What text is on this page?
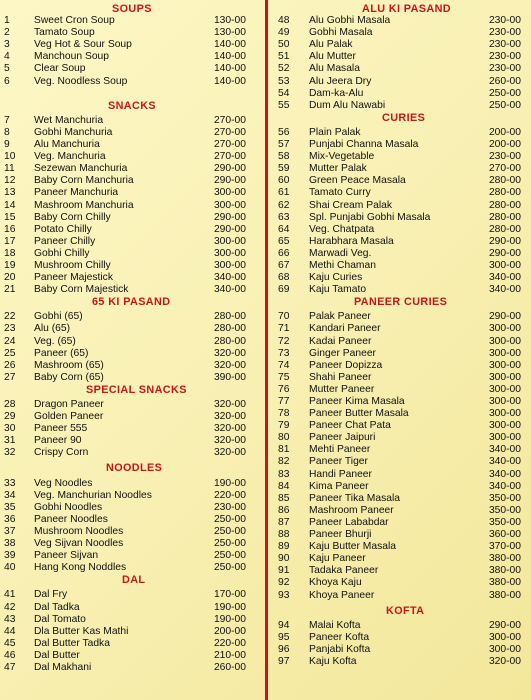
SOUPS
1 Sweet Cron Soup	130-00
2 Tamato Soup	130-00
3 Veg Hot & Sour Soup	140-00
4 Manchoun Soup	140-00
5 Clear Soup	140-00
6 Veg. Noodless Soup	140-00
SNACKS
7 Wet Manchuria	270-00
8 Gobhi Manchuria	270-00
9 Alu Manchuria	270-00
10 Veg. Manchuria	270-00
11 Sezewan Manchuria	290-00
12 Baby Corn Manchuria	290-00
13 Paneer Manchuria	300-00
14 Mashroom Manchuria	300-00
15 Baby Corn Chilly	290-00
16 Potato Chilly	290-00
17 Paneer Chilly	300-00
18 Gobhi Chilly	300-00
19 Mushroom Chilly	300-00
20 Paneer Majestick	340-00
21 Baby Corn Majestick	340-00
65 KI PASAND
22 Gobhi (65)	280-00
23 Alu (65)	280-00
24 Veg. (65)	280-00
25 Paneer (65)	320-00
26 Mashroom (65)	320-00
27 Baby Corn (65)	390-00
SPECIAL SNACKS
28 Dragon Paneer	320-00
29 Golden Paneer	320-00
30 Paneer 555	320-00
31 Paneer 90	320-00
32 Crispy Corn	320-00
NOODLES
33 Veg Noodles	190-00
34 Veg. Manchurian Noodles	220-00
35 Gobhi Noodles	230-00
36 Paneer Noodles	250-00
37 Mushroom Noodles	250-00
38 Veg Sijvan Noodles	250-00
39 Paneer Sijvan	250-00
40 Hang Kong Noddles	250-00
DAL
41 Dal Fry	170-00
42 Dal Tadka	190-00
43 Dal Tomato	190-00
44 Dla Butter Kas Mathi	200-00
45 Dal Butter Tadka	220-00
46 Dal Butter	210-00
47 Dal Makhani	260-00
ALU KI PASAND
48 Alu Gobhi Masala	230-00
49 Gobhi Masala	230-00
50 Alu Palak	230-00
51 Alu Mutter	230-00
52 Alu Masala	230-00
53 Alu Jeera Dry	260-00
54 Dam-ka-Alu	250-00
55 Dum Alu Nawabi	250-00
CURIES
56 Plain Palak	200-00
57 Punjabi Channa Masala	200-00
58 Mix-Vegetable	230-00
59 Mutter Palak	270-00
60 Green Peace Masala	280-00
61 Tamato Curry	280-00
62 Shai Cream Palak	280-00
63 Spl. Punjabi Gobhi Masala	280-00
64 Veg. Chatpata	280-00
65 Harabhara Masala	290-00
66 Marwadi Veg.	290-00
67 Methi Chaman	300-00
68 Kaju Curies	340-00
69 Kaju Tamato	340-00
PANEER CURIES
70 Palak Paneer	290-00
71 Kandari Paneer	300-00
72 Kadai Paneer	300-00
73 Ginger Paneer	300-00
74 Paneer Dopizza	300-00
75 Shahi Paneer	300-00
76 Mutter Paneer	300-00
77 Paneer Kima Masala	300-00
78 Paneer Butter Masala	300-00
79 Paneer Chat Pata	300-00
80 Paneer Jaipuri	300-00
81 Mehti Paneer	340-00
82 Paneer Tiger	340-00
83 Handi Paneer	340-00
84 Kima Paneer	340-00
85 Paneer Tika Masala	350-00
86 Mashroom Paneer	350-00
87 Paneer Lababdar	350-00
88 Paneer Bhurji	360-00
89 Kaju Butter Masala	370-00
90 Kaju Paneer	380-00
91 Tadaka Paneer	380-00
92 Khoya Kaju	380-00
93 Khoya Paneer	380-00
KOFTA
94 Malai Kofta	290-00
95 Paneer Kofta	300-00
96 Panjabi Kofta	300-00
97 Kaju Kofta	320-00
